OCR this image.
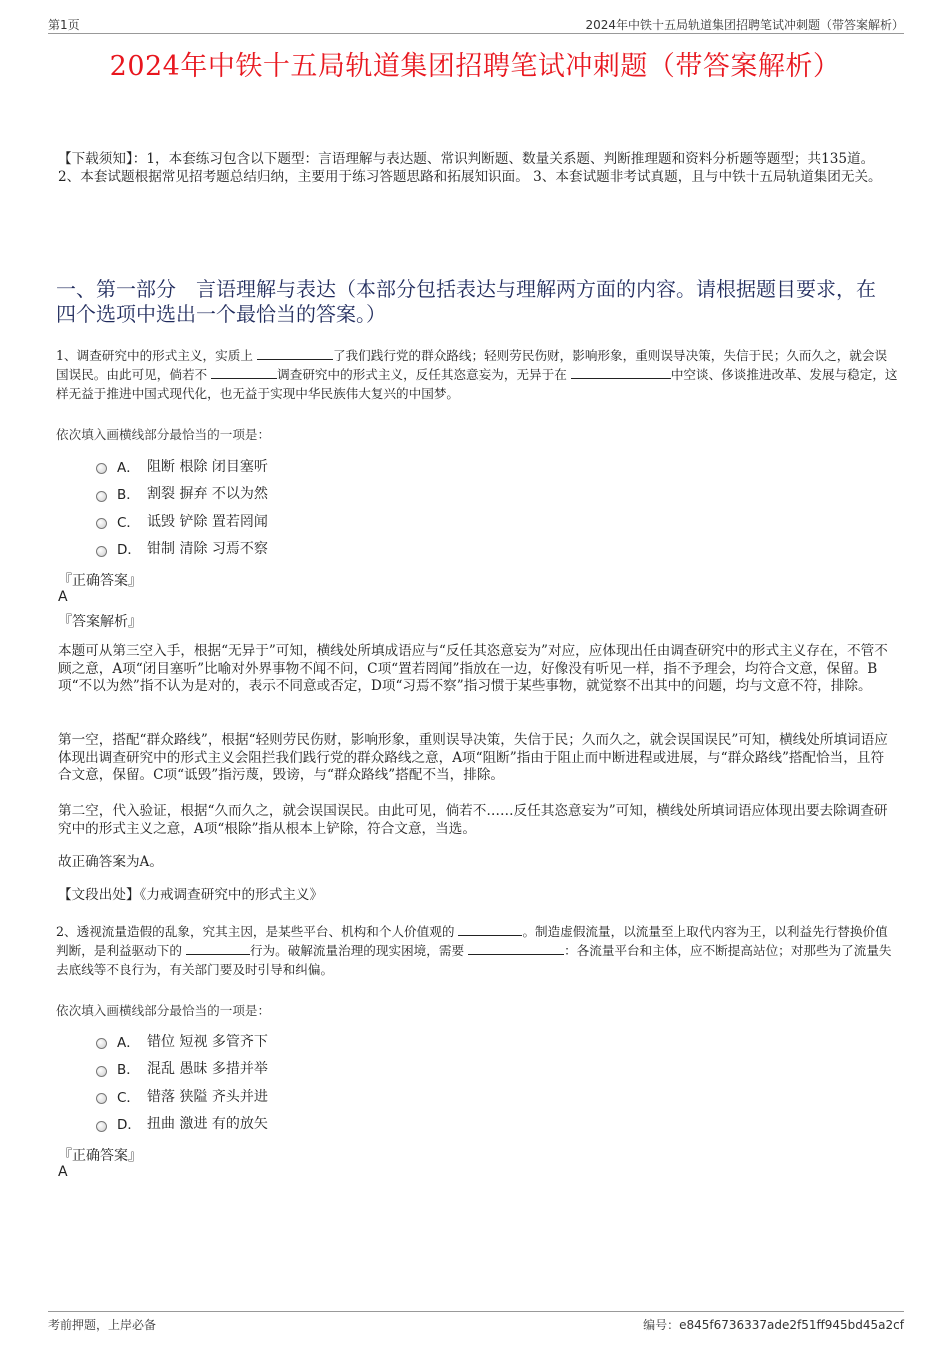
第1页	2024年中铁十五局轨道集团招聘笔试冲刺题（带答案解析）
2024年中铁十五局轨道集团招聘笔试冲刺题（带答案解析）
【下载须知】：1，本套练习包含以下题型：言语理解与表达题、常识判断题、数量关系题、判断推理题和资料分析题等题型；共135道。 2、本套试题根据常见招考题总结归纳，主要用于练习答题思路和拓展知识面。 3、本套试题非考试真题，且与中铁十五局轨道集团无关。
一、第一部分　言语理解与表达（本部分包括表达与理解两方面的内容。请根据题目要求，在四个选项中选出一个最恰当的答案。）
1、调查研究中的形式主义，实质上	了我们践行党的群众路线；轻则劳民伤财，影响形象，重则误导决策，失信于民；久而久之，就会误国误民。由此可见，倘若不	调查研究中的形式主义，反任其恣意妄为，无异于在	中空谈、侈谈推进改革、发展与稳定，这样无益于推进中国式现代化，也无益于实现中华民族伟大复兴的中国梦。
依次填入画横线部分最恰当的一项是：
A． 阻断 根除 闭目塞听
B． 割裂 摒弃 不以为然
C． 诋毁 铲除 置若罔闻
D． 钳制 清除 习焉不察
『正确答案』
A
『答案解析』
本题可从第三空入手，根据“无异于”可知，横线处所填成语应与“反任其恣意妄为”对应，应体现出任由调查研究中的形式主义存在，不管不顾之意，A项“闭目塞听”比喻对外界事物不闻不问，C项“置若罔闻”指放在一边，好像没有听见一样，指不予理会，均符合文意，保留。B项“不以为然”指不认为是对的，表示不同意或否定，D项“习焉不察”指习惯于某些事物，就觉察不出其中的问题，均与文意不符，排除。
第一空，搭配“群众路线”，根据“轻则劳民伤财，影响形象，重则误导决策，失信于民；久而久之，就会误国误民”可知，横线处所填词语应体现出调查研究中的形式主义会阻拦我们践行党的群众路线之意，A项“阻断”指由于阻止而中断进程或进展，与“群众路线”搭配恰当，且符合文意，保留。C项“诋毁”指污蔑，毁谤，与“群众路线”搭配不当，排除。
第二空，代入验证，根据“久而久之，就会误国误民。由此可见，倘若不……反任其恣意妄为”可知，横线处所填词语应体现出要去除调查研究中的形式主义之意，A项“根除”指从根本上铲除，符合文意，当选。
故正确答案为A。
【文段出处】《力戒调查研究中的形式主义》
2、透视流量造假的乱象，究其主因，是某些平台、机构和个人价值观的	。制造虚假流量，以流量至上取代内容为王，以利益先行替换价值判断，是利益驱动下的	行为。破解流量治理的现实困境，需要	：各流量平台和主体，应不断提高站位；对那些为了流量失去底线等不良行为，有关部门要及时引导和纠偏。
依次填入画横线部分最恰当的一项是：
A． 错位 短视 多管齐下
B． 混乱 愚昧 多措并举
C． 错落 狭隘 齐头并进
D． 扭曲 激进 有的放矢
『正确答案』
A
考前押题，上岸必备	编号：e845f6736337ade2f51ff945bd45a2cf
